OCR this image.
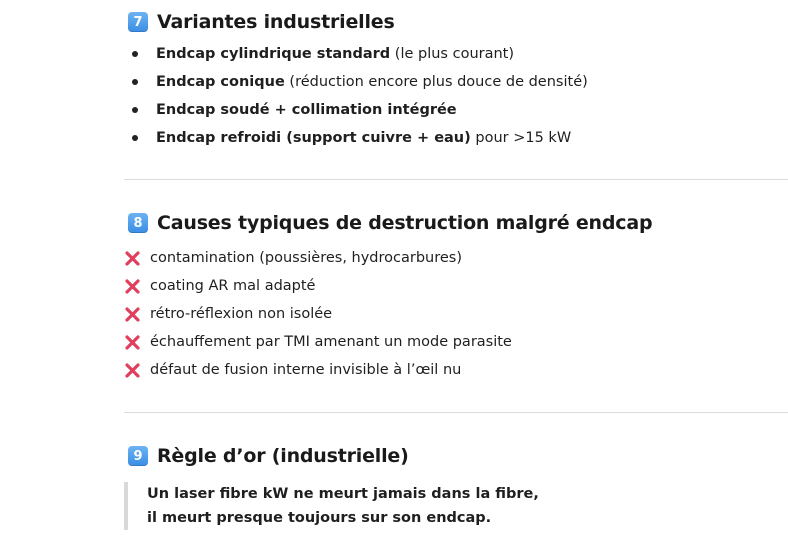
7 Variantes industrielles
Endcap cylindrique standard (le plus courant)
Endcap conique (réduction encore plus douce de densité)
Endcap soudé + collimation intégrée
Endcap refroidi (support cuivre + eau) pour >15 kW
8 Causes typiques de destruction malgré endcap
contamination (poussières, hydrocarbures)
coating AR mal adapté
rétro-réflexion non isolée
échauffement par TMI amenant un mode parasite
défaut de fusion interne invisible à l’œil nu
9 Règle d’or (industrielle)
Un laser fibre kW ne meurt jamais dans la fibre,
il meurt presque toujours sur son endcap.
